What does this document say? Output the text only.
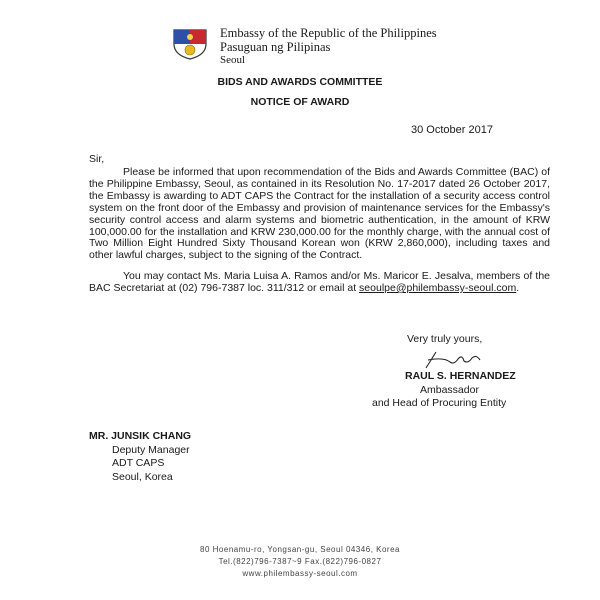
Embassy of the Republic of the Philippines
Pasuguan ng Pilipinas
Seoul
BIDS AND AWARDS COMMITTEE
NOTICE OF AWARD
30 October 2017
Sir,
Please be informed that upon recommendation of the Bids and Awards Committee (BAC) of the Philippine Embassy, Seoul, as contained in its Resolution No. 17-2017 dated 26 October 2017, the Embassy is awarding to ADT CAPS the Contract for the installation of a security access control system on the front door of the Embassy and provision of maintenance services for the Embassy's security control access and alarm systems and biometric authentication, in the amount of KRW 100,000.00 for the installation and KRW 230,000.00 for the monthly charge, with the annual cost of Two Million Eight Hundred Sixty Thousand Korean won (KRW 2,860,000), including taxes and other lawful charges, subject to the signing of the Contract.
You may contact Ms. Maria Luisa A. Ramos and/or Ms. Maricor E. Jesalva, members of the BAC Secretariat at (02) 796-7387 loc. 311/312 or email at seoulpe@philembassy-seoul.com.
Very truly yours,
RAUL S. HERNANDEZ
Ambassador
and Head of Procuring Entity
MR. JUNSIK CHANG
Deputy Manager
ADT CAPS
Seoul, Korea
80 Hoenamu-ro, Yongsan-gu, Seoul 04346, Korea
Tel.(822)796-7387~9 Fax.(822)796-0827
www.philembassy-seoul.com
